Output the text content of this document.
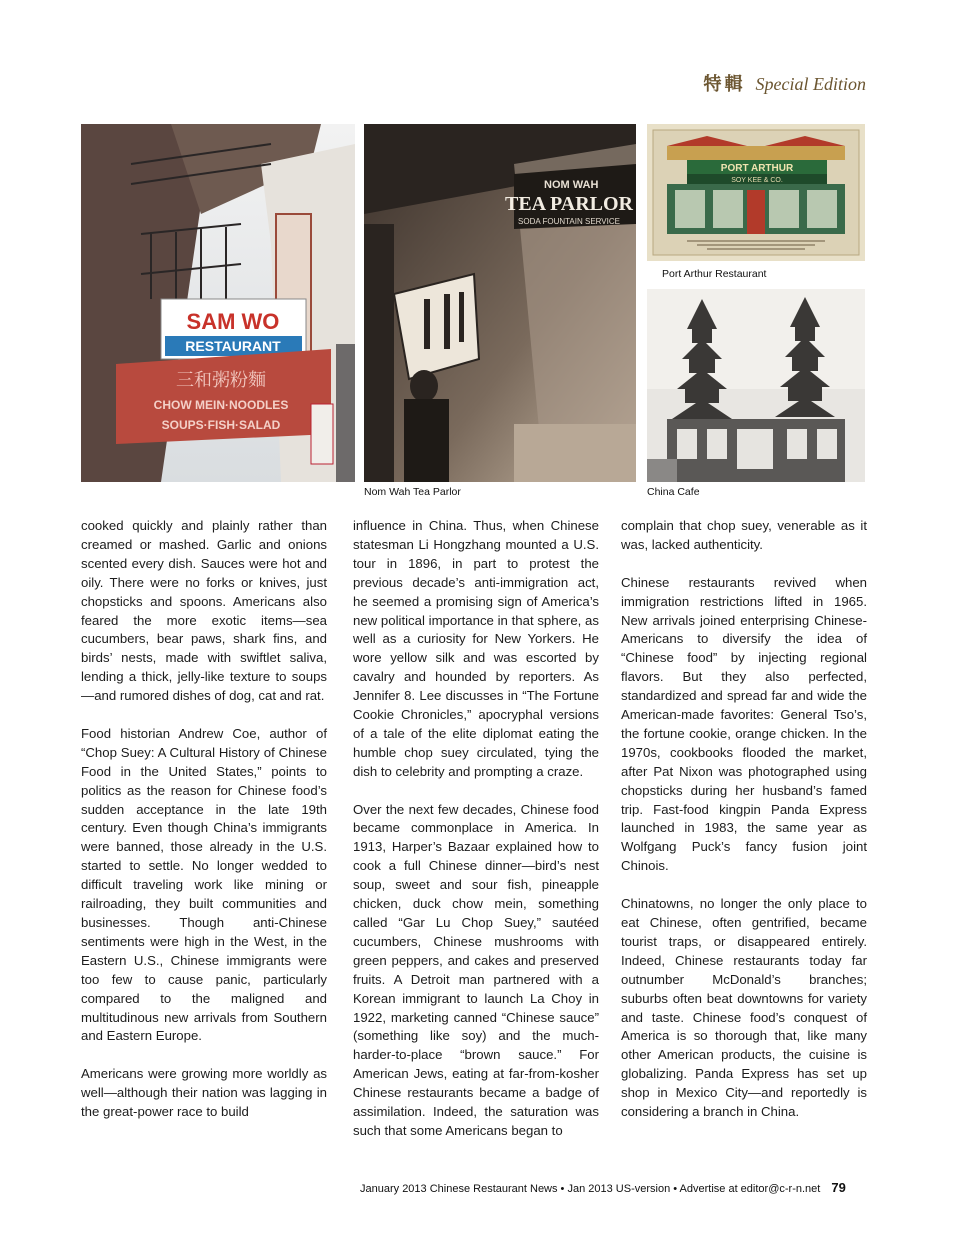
特輯 Special Edition
SAM WO
RESTAURANT
三和粥粉麵
CHOW MEIN·NOODLES
SOUPS·FISH·SALAD
NOM WAH
TEA PARLOR
SODA FOUNTAIN SERVICE
Nom Wah Tea Parlor
PORT ARTHUR
SOY KEE & CO.
Port Arthur Restaurant
China Cafe

cooked quickly and plainly rather than creamed or mashed. Garlic and onions scented every dish. Sauces were hot and oily. There were no forks or knives, just chopsticks and spoons. Americans also feared the more exotic items—sea cucumbers, bear paws, shark fins, and birds’ nests, made with swiftlet saliva, lending a thick, jelly-like texture to soups—and rumored dishes of dog, cat and rat.

Food historian Andrew Coe, author of “Chop Suey: A Cultural History of Chinese Food in the United States,” points to politics as the reason for Chinese food’s sudden acceptance in the late 19th century. Even though China’s immigrants were banned, those already in the U.S. started to settle. No longer wedded to difficult traveling work like mining or railroading, they built communities and businesses. Though anti-Chinese sentiments were high in the West, in the Eastern U.S., Chinese immigrants were too few to cause panic, particularly compared to the maligned and multitudinous new arrivals from Southern and Eastern Europe.

Americans were growing more worldly as well—although their nation was lagging in the great-power race to build

influence in China. Thus, when Chinese statesman Li Hongzhang mounted a U.S. tour in 1896, in part to protest the previous decade’s anti-immigration act, he seemed a promising sign of America’s new political importance in that sphere, as well as a curiosity for New Yorkers. He wore yellow silk and was escorted by cavalry and hounded by reporters. As Jennifer 8. Lee discusses in “The Fortune Cookie Chronicles,” apocryphal versions of a tale of the elite diplomat eating the humble chop suey circulated, tying the dish to celebrity and prompting a craze.

Over the next few decades, Chinese food became commonplace in America. In 1913, Harper’s Bazaar explained how to cook a full Chinese dinner—bird’s nest soup, sweet and sour fish, pineapple chicken, duck chow mein, something called “Gar Lu Chop Suey,” sautéed cucumbers, Chinese mushrooms with green peppers, and cakes and preserved fruits. A Detroit man partnered with a Korean immigrant to launch La Choy in 1922, marketing canned “Chinese sauce” (something like soy) and the much-harder-to-place “brown sauce.” For American Jews, eating at far-from-kosher Chinese restaurants became a badge of assimilation. Indeed, the saturation was such that some Americans began to

complain that chop suey, venerable as it was, lacked authenticity.

Chinese restaurants revived when immigration restrictions lifted in 1965. New arrivals joined enterprising Chinese-Americans to diversify the idea of “Chinese food” by injecting regional flavors. But they also perfected, standardized and spread far and wide the American-made favorites: General Tso’s, the fortune cookie, orange chicken. In the 1970s, cookbooks flooded the market, after Pat Nixon was photographed using chopsticks during her husband’s famed trip. Fast-food kingpin Panda Express launched in 1983, the same year as Wolfgang Puck’s fancy fusion joint Chinois.

Chinatowns, no longer the only place to eat Chinese, often gentrified, became tourist traps, or disappeared entirely. Indeed, Chinese restaurants today far outnumber McDonald’s branches; suburbs often beat downtowns for variety and taste. Chinese food’s conquest of America is so thorough that, like many other American products, the cuisine is globalizing. Panda Express has set up shop in Mexico City—and reportedly is considering a branch in China.

January 2013 Chinese Restaurant News • Jan 2013 US-version • Advertise at editor@c-r-n.net 79
